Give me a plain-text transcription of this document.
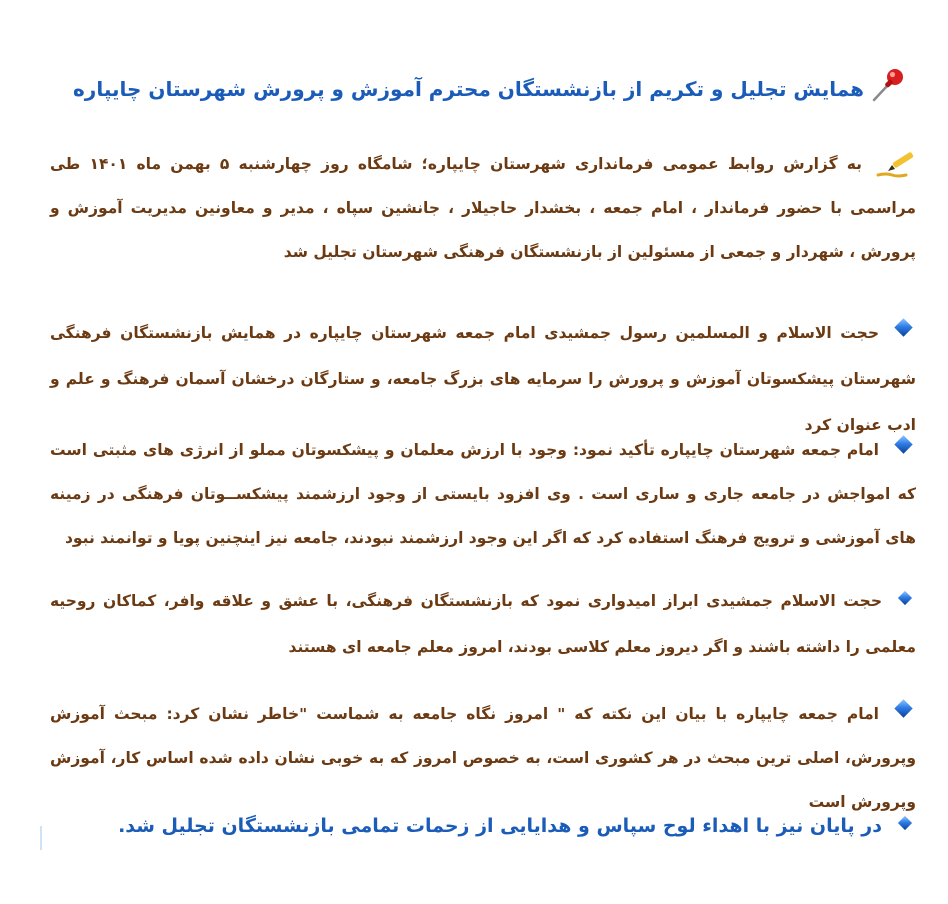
همایش تجلیل و تکریم از بازنشستگان محترم آموزش و پرورش شهرستان چایپاره
به گزارش روابط عمومی فرمانداری شهرستان چایپاره؛ شامگاه روز چهارشنبه ۵ بهمن ماه ۱۴۰۱ طی مراسمی با حضور فرماندار ، امام جمعه ، بخشدار حاجیلار ، جانشین سپاه ، مدیر و معاونین مدیریت آموزش و پرورش ، شهردار و جمعی از مسئولین از بازنشستگان فرهنگی شهرستان تجلیل شد
حجت الاسلام و المسلمین رسول جمشیدی امام جمعه شهرستان چایپاره در همایش بازنشستگان فرهنگی شهرستان پیشکسوتان آموزش و پرورش را سرمایه های بزرگ جامعه، و ستارگان درخشان آسمان فرهنگ و علم و ادب عنوان کرد
امام جمعه شهرستان چایپاره تأکید نمود: وجود با ارزش معلمان و پیشکسوتان مملو از انرژی های مثبتی است که امواجش در جامعه جاری و ساری است . وی افزود بایستی از وجود ارزشمند پیشکســوتان فرهنگی در زمینه های آموزشی و ترویج فرهنگ استفاده کرد که اگر این وجود ارزشمند نبودند، جامعه نیز اینچنین پویا و توانمند نبود
حجت الاسلام جمشیدی ابراز امیدواری نمود که بازنشستگان فرهنگی، با عشق و علاقه وافر، کماکان روحیه معلمی را داشته باشند و اگر دیروز معلم کلاسی بودند، امروز معلم جامعه ای هستند
امام جمعه چایپاره با بیان این نکته که " امروز نگاه جامعه به شماست "خاطر نشان کرد: مبحث آموزش وپرورش، اصلی ترین مبحث در هر کشوری است، به خصوص امروز که به خوبی نشان داده شده اساس کار، آموزش وپرورش است
در پایان نیز با اهداء لوح سپاس و هدایایی از زحمات تمامی بازنشستگان تجلیل شد.
